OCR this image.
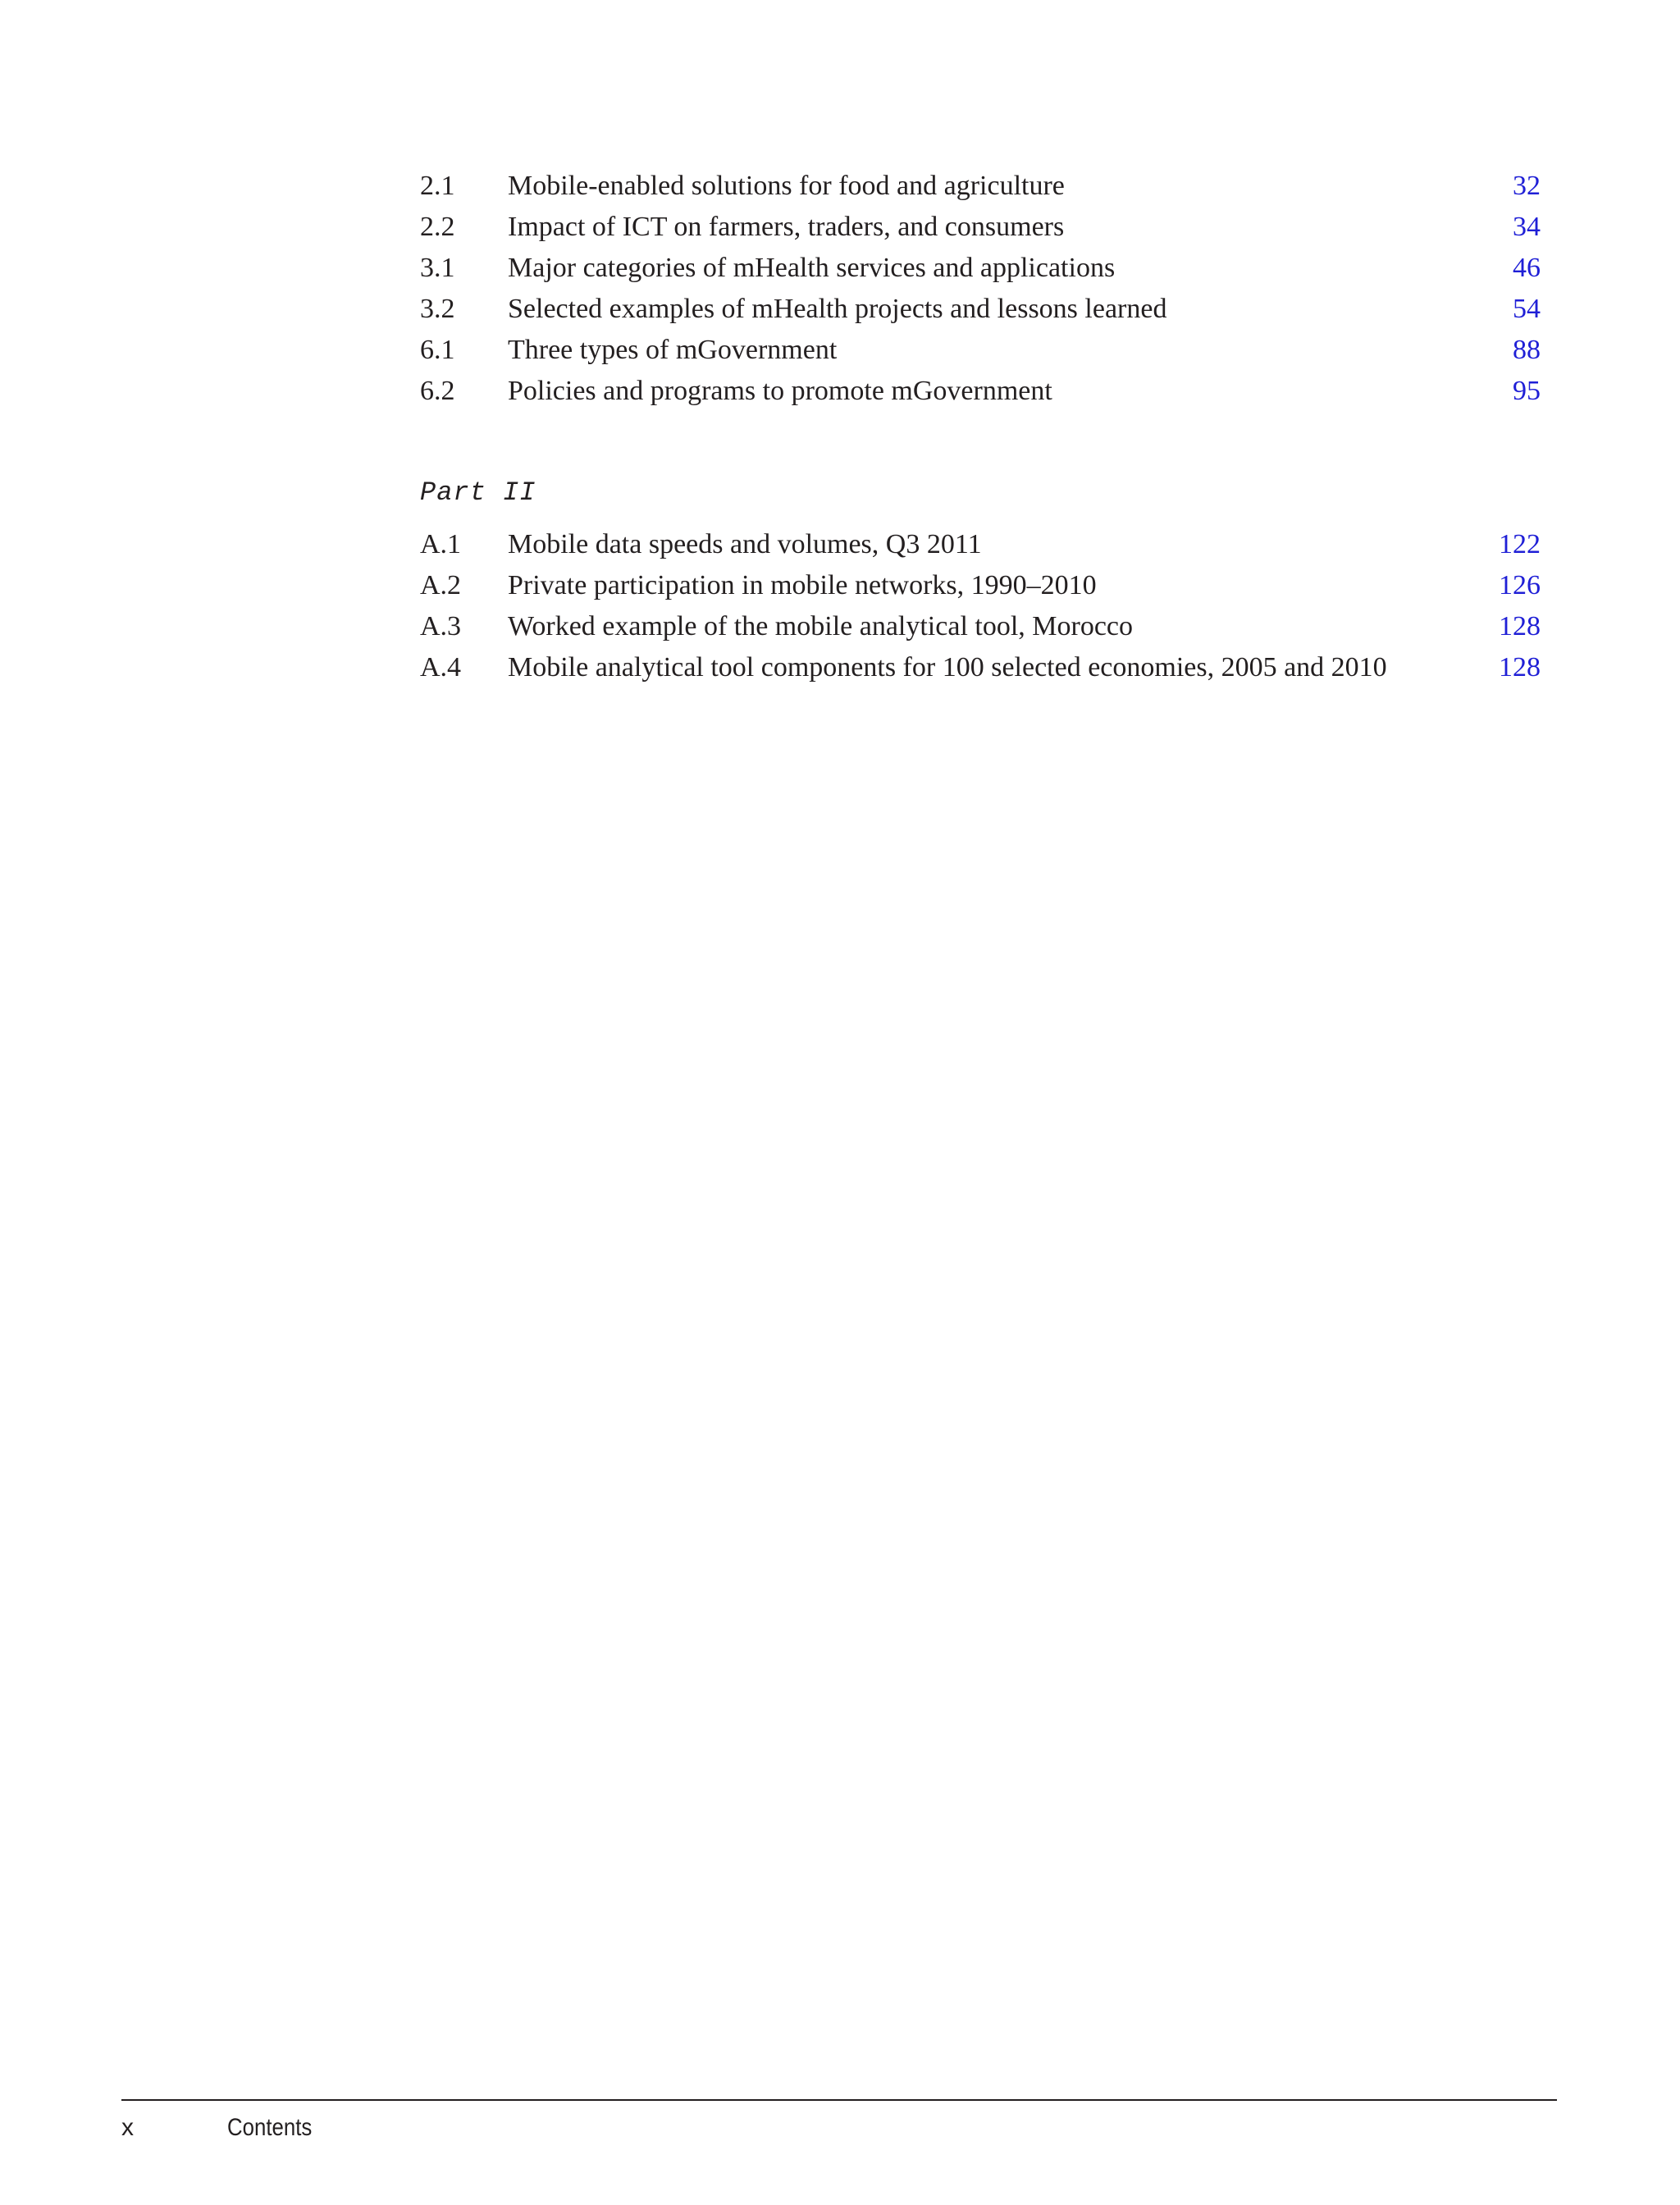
2.1 Mobile-enabled solutions for food and agriculture	32
2.2 Impact of ICT on farmers, traders, and consumers	34
3.1 Major categories of mHealth services and applications	46
3.2 Selected examples of mHealth projects and lessons learned	54
6.1 Three types of mGovernment	88
6.2 Policies and programs to promote mGovernment	95
Part II
A.1 Mobile data speeds and volumes, Q3 2011	122
A.2 Private participation in mobile networks, 1990–2010	126
A.3 Worked example of the mobile analytical tool, Morocco	128
A.4 Mobile analytical tool components for 100 selected economies, 2005 and 2010	128
x	Contents
